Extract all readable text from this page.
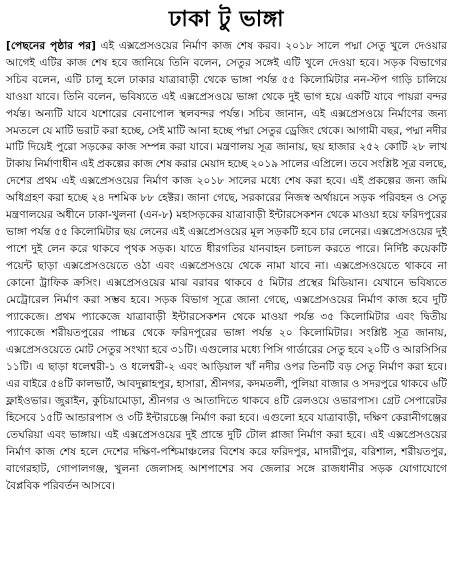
ঢাকা টু ভাঙ্গা
[পেছনের পৃষ্ঠার পর] এই এক্সপ্রেসওয়ের নির্মাণ কাজ শেষ করব। ২০১৮ সালে পদ্মা সেতু খুলে দেওয়ার আগেই এটির কাজ শেষ হবে জানিয়ে তিনি বলেন, সেতুর সঙ্গেই এটি খুলে দেওয়া হবে। সড়ক বিভাগের সচিব বলেন, এটি চালু হলে ঢাকার যাত্রাবাড়ী থেকে ভাঙ্গা পর্যন্ত ৫৫ কিলোমিটার নন-স্টপ গাড়ি চালিয়ে যাওয়া যাবে। তিনি বলেন, ভবিষ্যতে এই এক্সপ্রেসওয়ে ভাঙ্গা থেকে দুই ভাগ হয়ে একটি যাবে পায়রা বন্দর পর্যন্ত। অন্যটি যাবে যশোরের বেনাপোল স্থলবন্দর পর্যন্ত। সচিব জানান, এই এক্সপ্রেসওয়ে নির্মাণের জন্য সমতলে যে মাটি ভরাট করা হচ্ছে, সেই মাটি আনা হচ্ছে পদ্মা সেতুর ড্রেজিং থেকে। আগামী বছর, পদ্মা নদীর মাটি দিয়েই পুরো সড়কের কাজ সম্পন্ন করা যাবে। মন্ত্রণালয় সূত্র জানায়, ছয় হাজার ২৫২ কোটি ২৮ লাখ টাকায় নির্মাণাধীন এই প্রকল্পের কাজ শেষ করার মেয়াদ হচ্ছে ২০১৯ সালের এপ্রিলে। তবে সংশ্লিষ্ট সূত্র বলছে, দেশের প্রথম এই এক্সপ্রেসওয়ের নির্মাণ কাজ ২০১৮ সালের মধ্যে শেষ করা হবে। এই প্রকল্পের জন্য জমি অধিগ্রহণ করা হচ্ছে ২৪ দশমিক ৮৮ হেক্টর। জানা গেছে, সরকারের নিজস্ব অর্থায়নে সড়ক পরিবহন ও সেতু মন্ত্রণালয়ের অধীনে ঢাকা-খুলনা (এন-৮) মহাসড়কের যাত্রাবাড়ী ইন্টারসেকশন থেকে মাওয়া হয়ে ফরিদপুরের ভাঙ্গা পর্যন্ত ৫৫ কিলোমিটার ছয় লেনের এই এক্সপ্রেসওয়ের মূল সড়কটি হবে চার লেনের। এক্সপ্রেসওয়ের দুই পাশে দুই লেন করে থাকবে পৃথক সড়ক। যাতে ধীরগতির যানবাহন চলাচল করতে পারে। নির্দিষ্ট কয়েকটি পয়েন্ট ছাড়া এক্সপ্রেসওয়েতে ওঠা এবং এক্সপ্রেসওয়ে থেকে নামা যাবে না। এক্সপ্রেসওয়েতে থাকবে না কোনো ট্রাফিক ক্রসিং। এক্সপ্রেসওয়ের মাঝ বরাবর থাকবে ৫ মিটার প্রস্থের মিডিয়ান। যেখানে ভবিষ্যতে মেট্রোরেল নির্মাণ করা সম্ভব হবে। সড়ক বিভাগ সূত্রে জানা গেছে, এক্সপ্রেসওয়ের নির্মাণ কাজ হবে দুটি প্যাকেজে। প্রথম প্যাকেজে যাত্রাবাড়ী ইন্টারসেকশন থেকে মাওয়া পর্যন্ত ৩৫ কিলোমিটার এবং দ্বিতীয় প্যাকেজে শরীয়তপুরের পাচ্চর থেকে ফরিদপুরের ভাঙ্গা পর্যন্ত ২০ কিলোমিটার। সংশ্লিষ্ট সূত্র জানায়, এক্সপ্রেসওয়েতে মোট সেতুর সংখ্যা হবে ৩১টি। এগুলোর মধ্যে পিসি গার্ডারের সেতু হবে ২০টি ও আরসিসির ১১টি। এ ছাড়া ধলেশ্বরী-১ ও ধলেশ্বরী-২ এবং আড়িয়াল খাঁ নদীর ওপর তিনটি বড় সেতু নির্মাণ করা হবে। এর বাইরে ৫৪টি কালভার্ট, আবদুল্লাহপুর, হাসারা, শ্রীনগর, কদমতলী, পুলিয়া বাজার ও সদরপুরে থাকবে ৬টি ফ্লাইওভার। জুরাইন, কুচিয়ামোড়া, শ্রীনগর ও আতাদিতে থাকবে ৪টি রেলওয়ে ওভারপাস। গ্রেট সেপারেটর হিসেবে ১৫টি আন্ডারপাস ও ৩টি ইন্টারচেঞ্জ নির্মাণ করা হবে। এগুলো হবে যাত্রাবাড়ী, দক্ষিণ কেরানীগঞ্জের তেঘরিয়া এবং ভাঙ্গায়। এই এক্সপ্রেসওয়ের দুই প্রান্তে দুটি টোল প্লাজা নির্মাণ করা হবে। এই এক্সপ্রেসওয়ের নির্মাণ কাজ শেষ হলে দেশের দক্ষিণ-পশ্চিমাঞ্চলের বিশেষ করে ফরিদপুর, মাদারীপুর, বরিশাল, শরীয়তপুর, বাগেরহাট, গোপালগঞ্জ, খুলনা জেলাসহ আশপাশের সব জেলার সঙ্গে রাজধানীর সড়ক যোগাযোগে বৈপ্লবিক পরিবর্তন আসবে।
